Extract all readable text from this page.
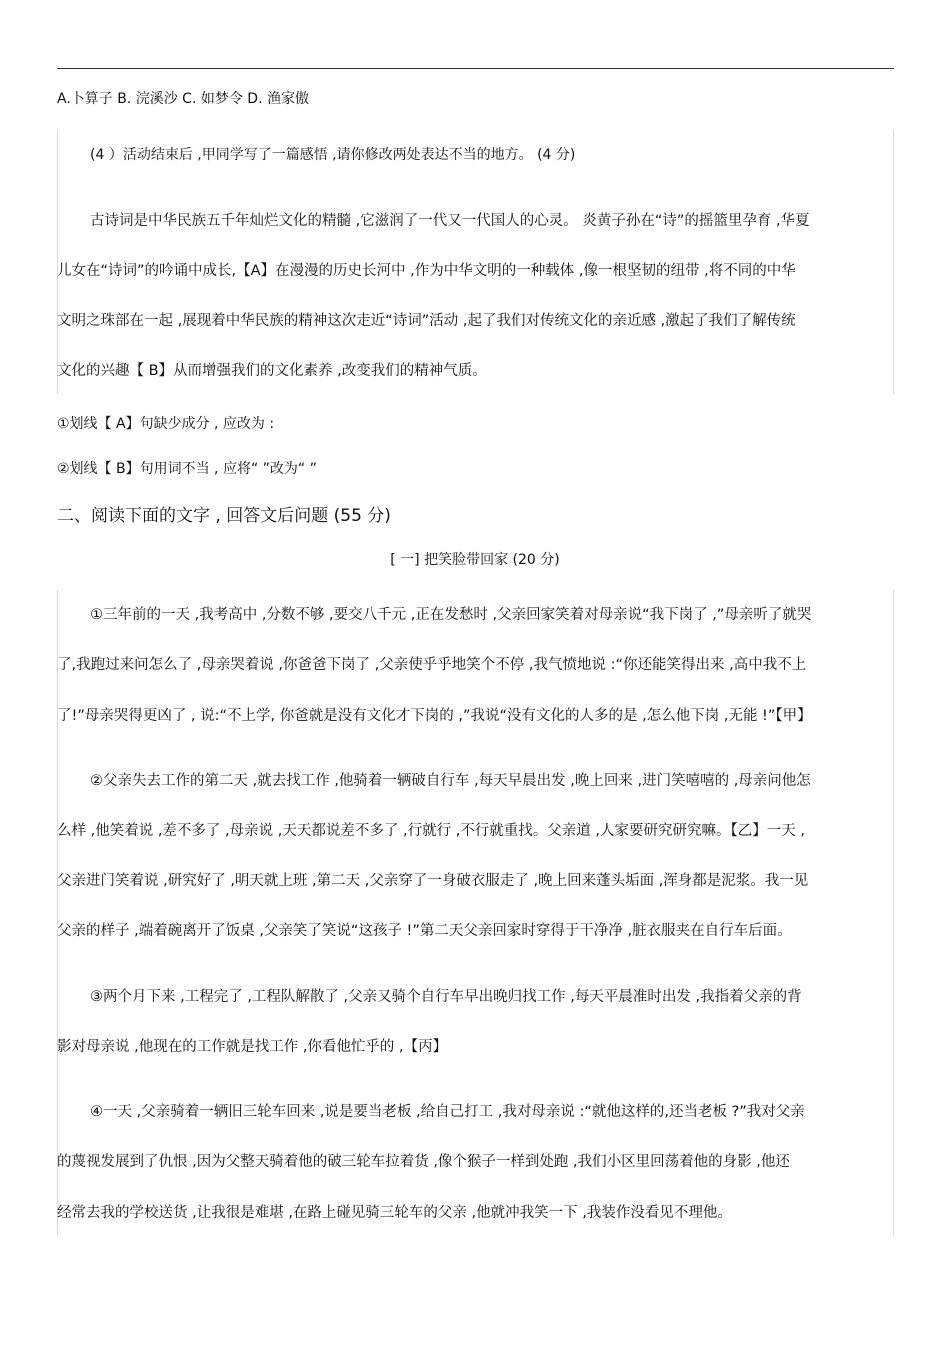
A.卜算子 B. 浣溪沙 C. 如梦令 D. 渔家傲
(4 ）活动结束后 ,甲同学写了一篇感悟 ,请你修改两处表达不当的地方。 (4 分)
古诗词是中华民族五千年灿烂文化的精髓 ,它滋润了一代又一代国人的心灵。 炎黄子孙在“诗”的摇篮里孕育 ,华夏
儿女在“诗词”的吟诵中成长,【A】在漫漫的历史长河中 ,作为中华文明的一种载体 ,像一根坚韧的纽带 ,将不同的中华
文明之珠部在一起 ,展现着中华民族的精神这次走近“诗词”活动 ,起了我们对传统文化的亲近感 ,激起了我们了解传统
文化的兴趣【 B】从而增强我们的文化素养 ,改变我们的精神气质。
①划线【 A】句缺少成分 , 应改为 :
②划线【 B】句用词不当 , 应将“ ”改为“ ”
二、阅读下面的文字 , 回答文后问题 (55 分)
[ 一] 把笑脸带回家 (20 分)
①三年前的一天 ,我考高中 ,分数不够 ,要交八千元 ,正在发愁时 ,父亲回家笑着对母亲说“我下岗了 ,”母亲听了就哭
了,我跑过来问怎么了 ,母亲哭着说 ,你爸爸下岗了 ,父亲使乎乎地笑个不停 ,我气愤地说 :“你还能笑得出来 ,高中我不上
了!”母亲哭得更凶了 , 说:“不上学, 你爸就是没有文化才下岗的 ,”我说“没有文化的人多的是 ,怎么他下岗 ,无能 !”【甲】
②父亲失去工作的第二天 ,就去找工作 ,他骑着一辆破自行车 ,每天早晨出发 ,晚上回来 ,进门笑嘻嘻的 ,母亲问他怎
么样 ,他笑着说 ,差不多了 ,母亲说 ,天天都说差不多了 ,行就行 ,不行就重找。父亲道 ,人家要研究研究嘛。【乙】一天 ,
父亲进门笑着说 ,研究好了 ,明天就上班 ,第二天 ,父亲穿了一身破衣服走了 ,晚上回来蓬头垢面 ,浑身都是泥浆。我一见
父亲的样子 ,端着碗离开了饭桌 ,父亲笑了笑说“这孩子 !”第二天父亲回家时穿得于干净净 ,脏衣服夹在自行车后面。
③两个月下来 ,工程完了 ,工程队解散了 ,父亲又骑个自行车早出晚归找工作 ,每天平晨准时出发 ,我指着父亲的背
影对母亲说 ,他现在的工作就是找工作 ,你看他忙乎的 ,【丙】
④一天 ,父亲骑着一辆旧三轮车回来 ,说是要当老板 ,给自己打工 ,我对母亲说 :“就他这样的,还当老板 ?”我对父亲
的蔑视发展到了仇恨 ,因为父整天骑着他的破三轮车拉着货 ,像个猴子一样到处跑 ,我们小区里回荡着他的身影 ,他还
经常去我的学校送货 ,让我很是难堪 ,在路上碰见骑三轮车的父亲 ,他就冲我笑一下 ,我装作没看见不理他。
